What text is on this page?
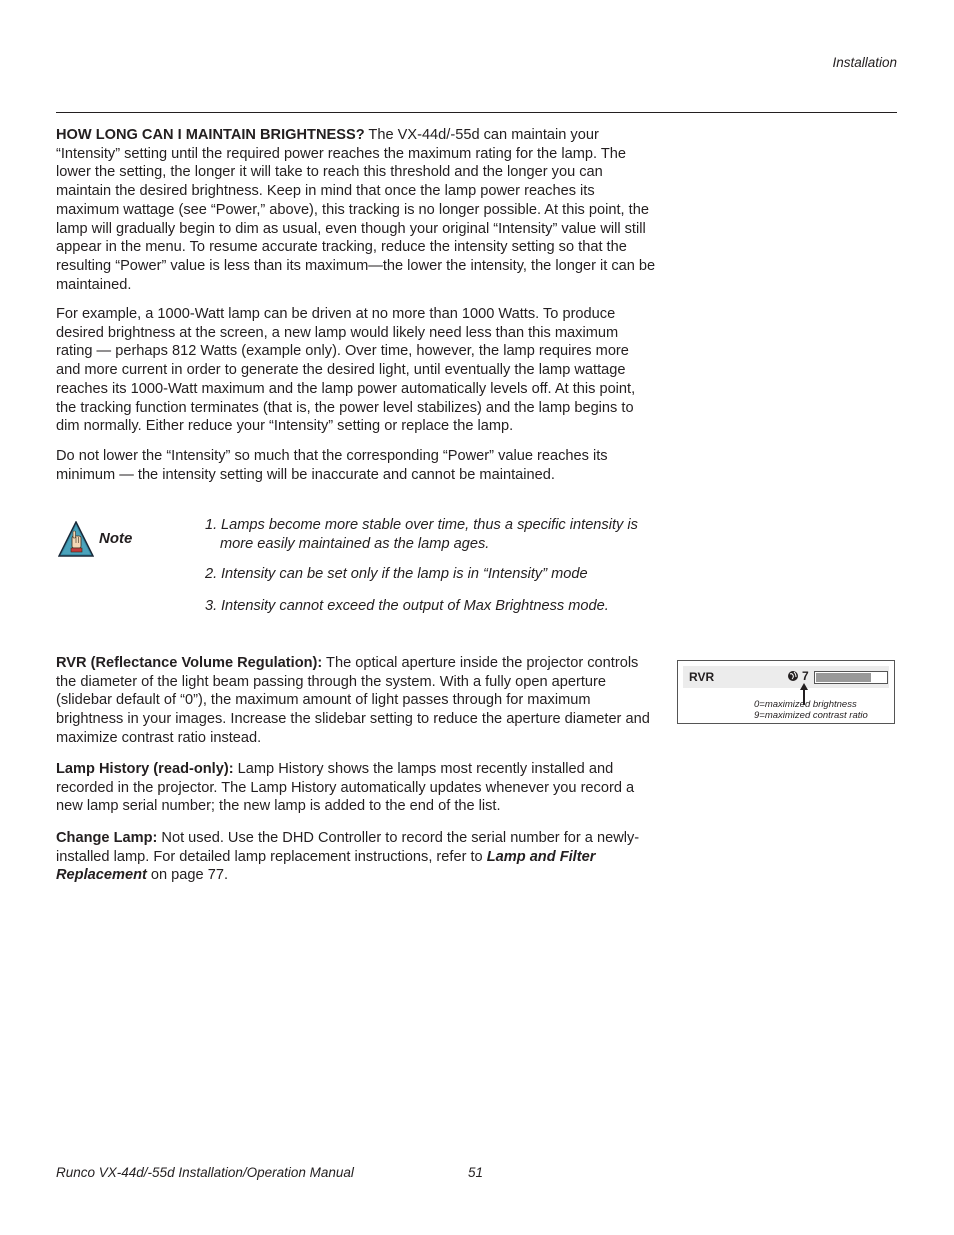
Installation

HOW LONG CAN I MAINTAIN BRIGHTNESS? The VX-44d/-55d can maintain your “Intensity” setting until the required power reaches the maximum rating for the lamp. The lower the setting, the longer it will take to reach this threshold and the longer you can maintain the desired brightness. Keep in mind that once the lamp power reaches its maximum wattage (see “Power,” above), this tracking is no longer possible. At this point, the lamp will gradually begin to dim as usual, even though your original “Intensity” value will still appear in the menu. To resume accurate tracking, reduce the intensity setting so that the resulting “Power” value is less than its maximum—the lower the intensity, the longer it can be maintained.

For example, a 1000-Watt lamp can be driven at no more than 1000 Watts. To produce desired brightness at the screen, a new lamp would likely need less than this maximum rating — perhaps 812 Watts (example only). Over time, however, the lamp requires more and more current in order to generate the desired light, until eventually the lamp wattage reaches its 1000-Watt maximum and the lamp power automatically levels off. At this point, the tracking function terminates (that is, the power level stabilizes) and the lamp begins to dim normally. Either reduce your “Intensity” setting or replace the lamp.

Do not lower the “Intensity” so much that the corresponding “Power” value reaches its minimum — the intensity setting will be inaccurate and cannot be maintained.

Note
1. Lamps become more stable over time, thus a specific intensity is
more easily maintained as the lamp ages.
2. Intensity can be set only if the lamp is in “Intensity” mode
3. Intensity cannot exceed the output of Max Brightness mode.

RVR (Reflectance Volume Regulation): The optical aperture inside the projector controls the diameter of the light beam passing through the system. With a fully open aperture (slidebar default of “0”), the maximum amount of light passes through for maximum brightness in your images. Increase the slidebar setting to reduce the aperture diameter and maximize contrast ratio instead.

RVR	7
0=maximized brightness
9=maximized contrast ratio

Lamp History (read-only): Lamp History shows the lamps most recently installed and recorded in the projector. The Lamp History automatically updates whenever you record a new lamp serial number; the new lamp is added to the end of the list.

Change Lamp: Not used. Use the DHD Controller to record the serial number for a newly-installed lamp. For detailed lamp replacement instructions, refer to Lamp and Filter Replacement on page 77.

Runco VX-44d/-55d Installation/Operation Manual	51
